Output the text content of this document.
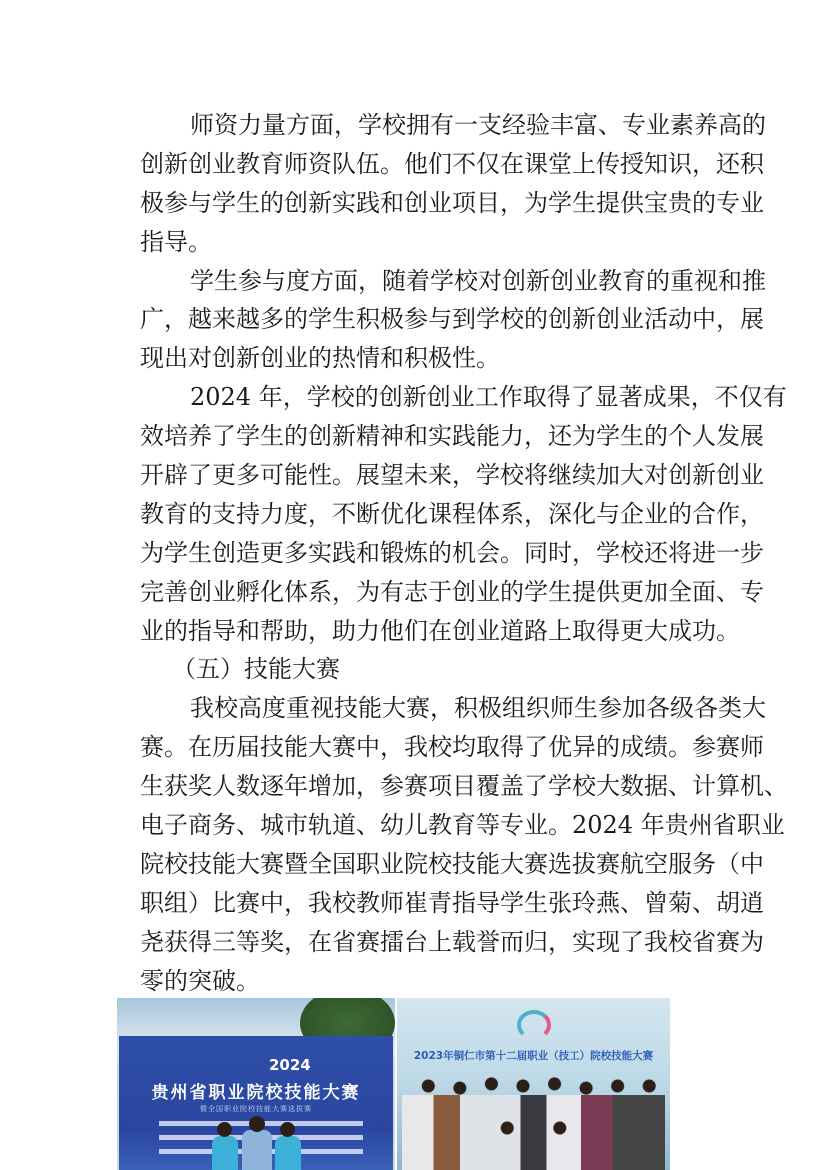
师资力量方面，学校拥有一支经验丰富、专业素养高的
创新创业教育师资队伍。他们不仅在课堂上传授知识，还积
极参与学生的创新实践和创业项目，为学生提供宝贵的专业
指导。
学生参与度方面，随着学校对创新创业教育的重视和推
广，越来越多的学生积极参与到学校的创新创业活动中，展
现出对创新创业的热情和积极性。
2024 年，学校的创新创业工作取得了显著成果，不仅有
效培养了学生的创新精神和实践能力，还为学生的个人发展
开辟了更多可能性。展望未来，学校将继续加大对创新创业
教育的支持力度，不断优化课程体系，深化与企业的合作，
为学生创造更多实践和锻炼的机会。同时，学校还将进一步
完善创业孵化体系，为有志于创业的学生提供更加全面、专
业的指导和帮助，助力他们在创业道路上取得更大成功。
（五）技能大赛
我校高度重视技能大赛，积极组织师生参加各级各类大
赛。在历届技能大赛中，我校均取得了优异的成绩。参赛师
生获奖人数逐年增加，参赛项目覆盖了学校大数据、计算机、
电子商务、城市轨道、幼儿教育等专业。2024 年贵州省职业
院校技能大赛暨全国职业院校技能大赛选拔赛航空服务（中
职组）比赛中，我校教师崔青指导学生张玲燕、曾菊、胡逍
尧获得三等奖，在省赛擂台上载誉而归，实现了我校省赛为
零的突破。
2024
贵州省职业院校技能大赛
暨全国职业院校技能大赛选拔赛
2023年铜仁市第十二届职业（技工）院校技能大赛
